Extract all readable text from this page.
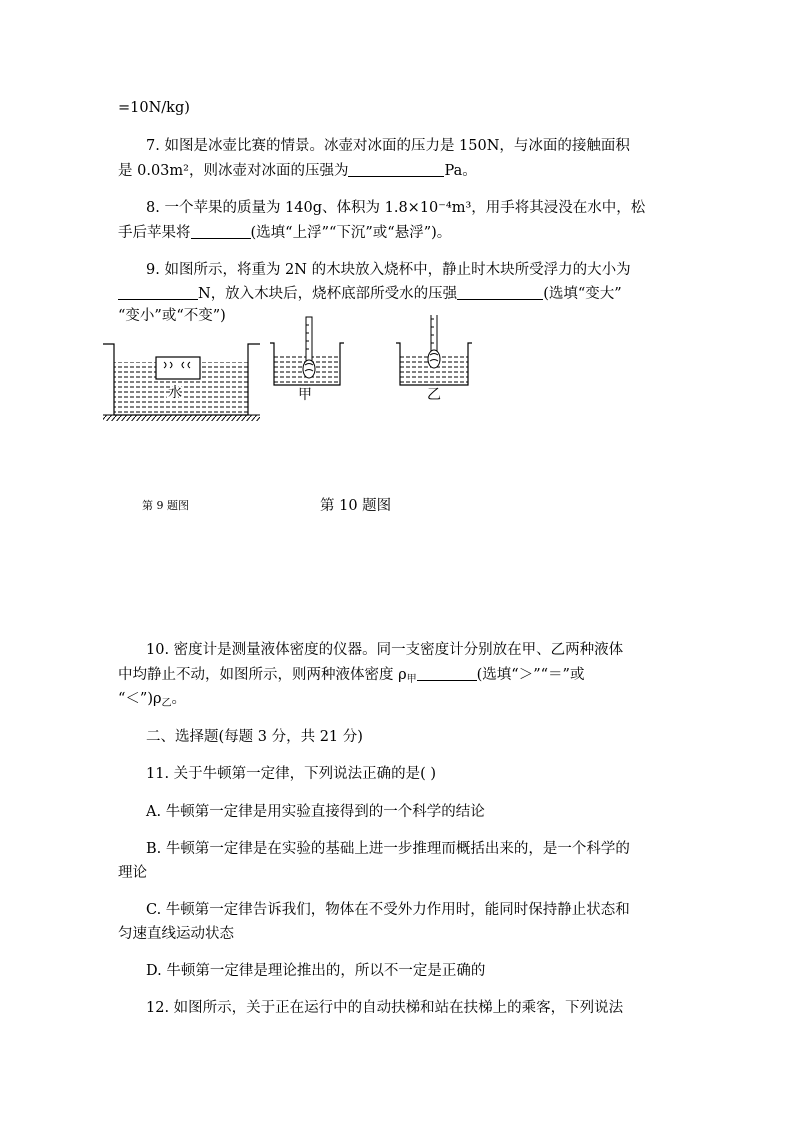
=10N/kg)
7. 如图是冰壶比赛的情景。冰壶对冰面的压力是 150N，与冰面的接触面积
是 0.03m²，则冰壶对冰面的压强为	Pa。
8. 一个苹果的质量为 140g、体积为 1.8×10⁻⁴m³，用手将其浸没在水中，松
手后苹果将	(选填“上浮”“下沉”或“悬浮”)。
9. 如图所示，将重为 2N 的木块放入烧杯中，静止时木块所受浮力的大小为
N，放入木块后，烧杯底部所受水的压强	(选填“变大”
“变小”或“不变”)
水	甲	乙
第 9 题图	第 10 题图
10. 密度计是测量液体密度的仪器。同一支密度计分别放在甲、乙两种液体
中均静止不动，如图所示，则两种液体密度 $\rho_甲$	(选填“＞”“＝”或
“$<”)\rho_乙$。
二、选择题(每题 3 分，共 21 分)
11. 关于牛顿第一定律，下列说法正确的是( )
A. 牛顿第一定律是用实验直接得到的一个科学的结论
B. 牛顿第一定律是在实验的基础上进一步推理而概括出来的，是一个科学的
理论
C. 牛顿第一定律告诉我们，物体在不受外力作用时，能同时保持静止状态和
匀速直线运动状态
D. 牛顿第一定律是理论推出的，所以不一定是正确的
12. 如图所示，关于正在运行中的自动扶梯和站在扶梯上的乘客，下列说法
